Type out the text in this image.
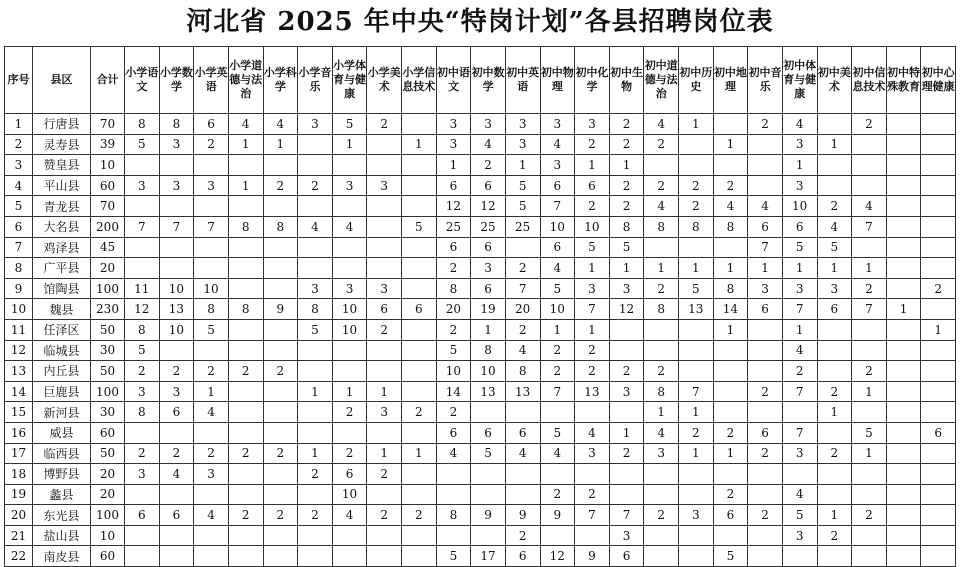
河北省 2025 年中央“特岗计划”各县招聘岗位表
序号	县区	合计	小学语文	小学数学	小学英语	小学道德与法治	小学科学	小学音乐	小学体育与健康	小学美术	小学信息技术	初中语文	初中数学	初中英语	初中物理	初中化学	初中生物	初中道德与法治	初中历史	初中地理	初中音乐	初中体育与健康	初中美术	初中信息技术	初中特殊教育	初中心理健康
1	行唐县	70	8	8	6	4	4	3	5	2		3	3	3	3	3	2	4	1		2	4		2		
2	灵寿县	39	5	3	2	1	1		1		1	3	4	3	4	2	2	2		1		3	1			
3	赞皇县	10										1	2	1	3	1	1					1				
4	平山县	60	3	3	3	1	2	2	3	3		6	6	5	6	6	2	2	2	2		3				
5	青龙县	70										12	12	5	7	2	2	4	2	4	4	10	2	4		
6	大名县	200	7	7	7	8	8	4	4		5	25	25	25	10	10	8	8	8	8	6	6	4	7		
7	鸡泽县	45										6	6		6	5	5				7	5	5			
8	广平县	20										2	3	2	4	1	1	1	1	1	1	1	1	1		
9	馆陶县	100	11	10	10			3	3	3		8	6	7	5	3	3	2	5	8	3	3	3	2		2
10	魏县	230	12	13	8	8	9	8	10	6	6	20	19	20	10	7	12	8	13	14	6	7	6	7	1	
11	任泽区	50	8	10	5			5	10	2		2	1	2	1	1				1		1				1
12	临城县	30	5									5	8	4	2	2						4				
13	内丘县	50	2	2	2	2	2					10	10	8	2	2	2	2				2		2		
14	巨鹿县	100	3	3	1			1	1	1		14	13	13	7	13	3	8	7		2	7	2	1		
15	新河县	30	8	6	4				2	3	2	2						1	1				1			
16	威县	60										6	6	6	5	4	1	4	2	2	6	7		5		6
17	临西县	50	2	2	2	2	2	1	2	1	1	4	5	4	4	3	2	3	1	1	2	3	2	1		
18	博野县	20	3	4	3			2	6	2																
19	蠡县	20							10						2	2				2		4				
20	东光县	100	6	6	4	2	2	2	4	2	2	8	9	9	9	7	7	2	3	6	2	5	1	2		
21	盐山县	10												2			3					3	2			
22	南皮县	60										5	17	6	12	9	6			5						
